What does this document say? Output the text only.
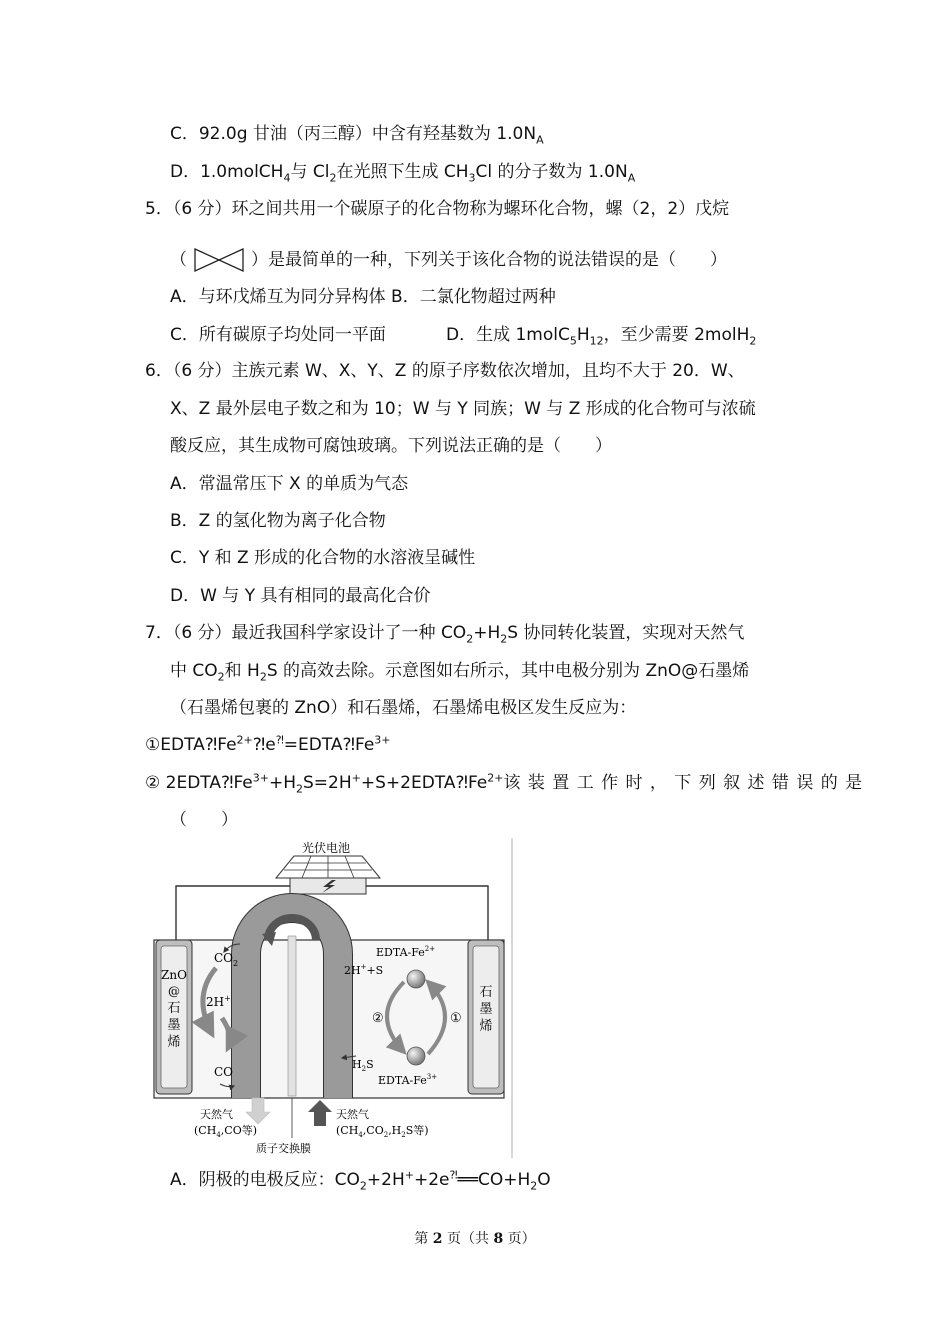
C．92.0g 甘油（丙三醇）中含有羟基数为 $1.0N_A$
D．1.0molCH$_4$与 $Cl_2$在光照下生成 $CH_3Cl$ 的分子数为 $1.0N_A$
5．（6 分）环之间共用一个碳原子的化合物称为螺环化合物，螺（2，2）戊烷
（	）是最简单的一种，下列关于该化合物的说法错误的是（　　）
A．与环戊烯互为同分异构体 B．二氯化物超过两种
C．所有碳原子均处同一平面	D．生成 $1molC_5H_{12}$，至少需要 2molH$_2$
6．（6 分）主族元素 W、X、Y、Z 的原子序数依次增加，且均不大于 20．W、
X、Z 最外层电子数之和为 10；W 与 Y 同族；W 与 Z 形成的化合物可与浓硫
酸反应，其生成物可腐蚀玻璃。下列说法正确的是（　　）
A．常温常压下 X 的单质为气态
B．Z 的氢化物为离子化合物
C．Y 和 Z 形成的化合物的水溶液呈碱性
D．W 与 Y 具有相同的最高化合价
7．（6 分）最近我国科学家设计了一种 $CO_2+H_2S$ 协同转化装置，实现对天然气
中 $CO_2$和 $H_2S$ 的高效去除。示意图如右所示，其中电极分别为 ZnO@石墨烯
（石墨烯包裹的 ZnO）和石墨烯，石墨烯电极区发生反应为：
$①EDTA⁈Fe^{2+}⁈e^⁈=EDTA⁈Fe^{3+}$
② $2EDTA⁈Fe^{3+}+H_2S=2H^++S+2EDTA⁈Fe^{2+}$该 装 置 工 作 时 ， 下 列 叙 述 错 误 的 是
（　　）
光伏电池
ZnO
@
石
墨
烯
石
墨
烯
$CO_2$
2H+
CO
EDTA-$Fe^{2+}$
2H++S
②	①
EDTA-$Fe^{3+}$
$H_2S$
天然气
($CH_4,CO$等)
天然气
($CH_4,CO_2,H_2S$等)
质子交换膜
A．阴极的电极反应：$CO_2+2H^++2e^⁈══CO+H_2O$
第 2 页（共 8 页）
